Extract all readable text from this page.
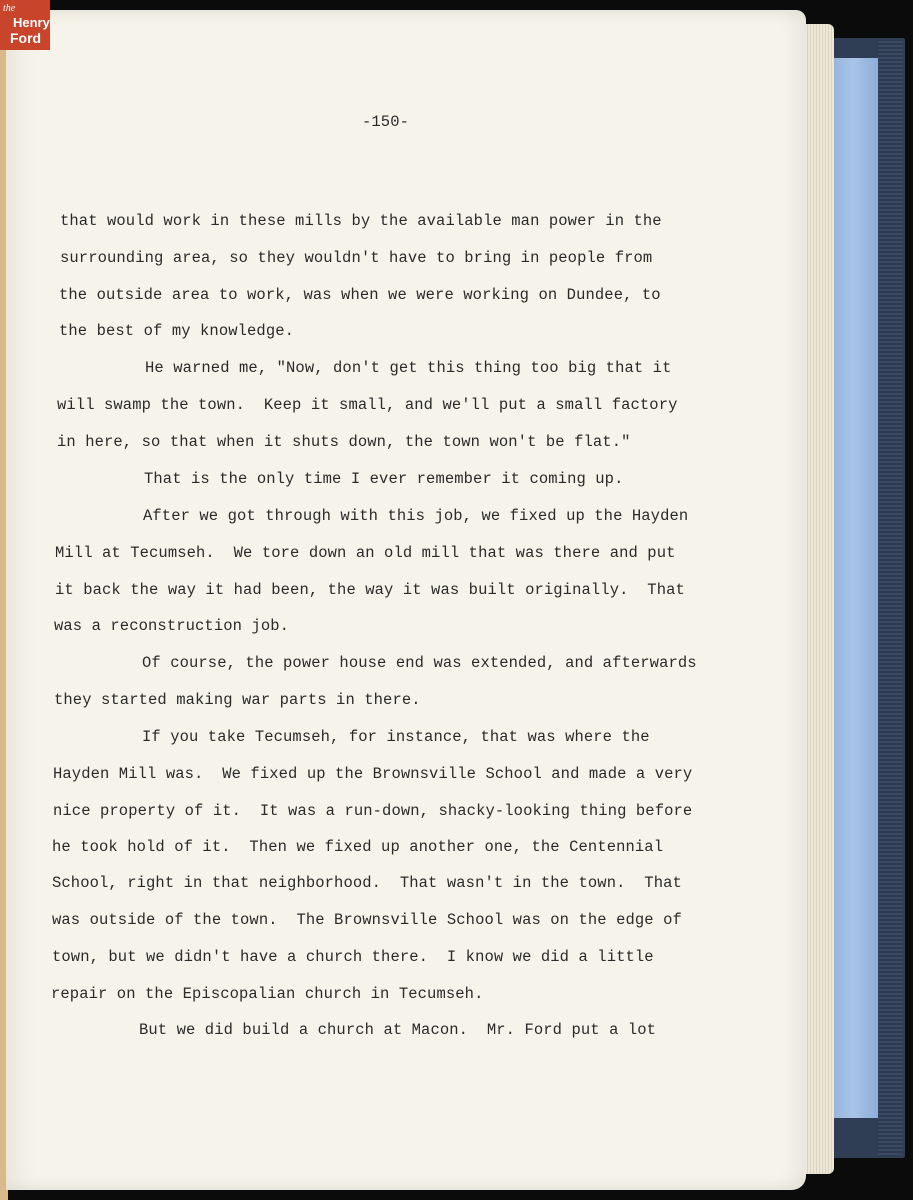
-150-
that would work in these mills by the available man power in the
surrounding area, so they wouldn't have to bring in people from
the outside area to work, was when we were working on Dundee, to
the best of my knowledge.
He warned me, "Now, don't get this thing too big that it
will swamp the town.  Keep it small, and we'll put a small factory
in here, so that when it shuts down, the town won't be flat."
That is the only time I ever remember it coming up.
After we got through with this job, we fixed up the Hayden
Mill at Tecumseh.  We tore down an old mill that was there and put
it back the way it had been, the way it was built originally.  That
was a reconstruction job.
Of course, the power house end was extended, and afterwards
they started making war parts in there.
If you take Tecumseh, for instance, that was where the
Hayden Mill was.  We fixed up the Brownsville School and made a very
nice property of it.  It was a run-down, shacky-looking thing before
he took hold of it.  Then we fixed up another one, the Centennial
School, right in that neighborhood.  That wasn't in the town.  That
was outside of the town.  The Brownsville School was on the edge of
town, but we didn't have a church there.  I know we did a little
repair on the Episcopalian church in Tecumseh.
But we did build a church at Macon.  Mr. Ford put a lot
the
Henry
Ford
